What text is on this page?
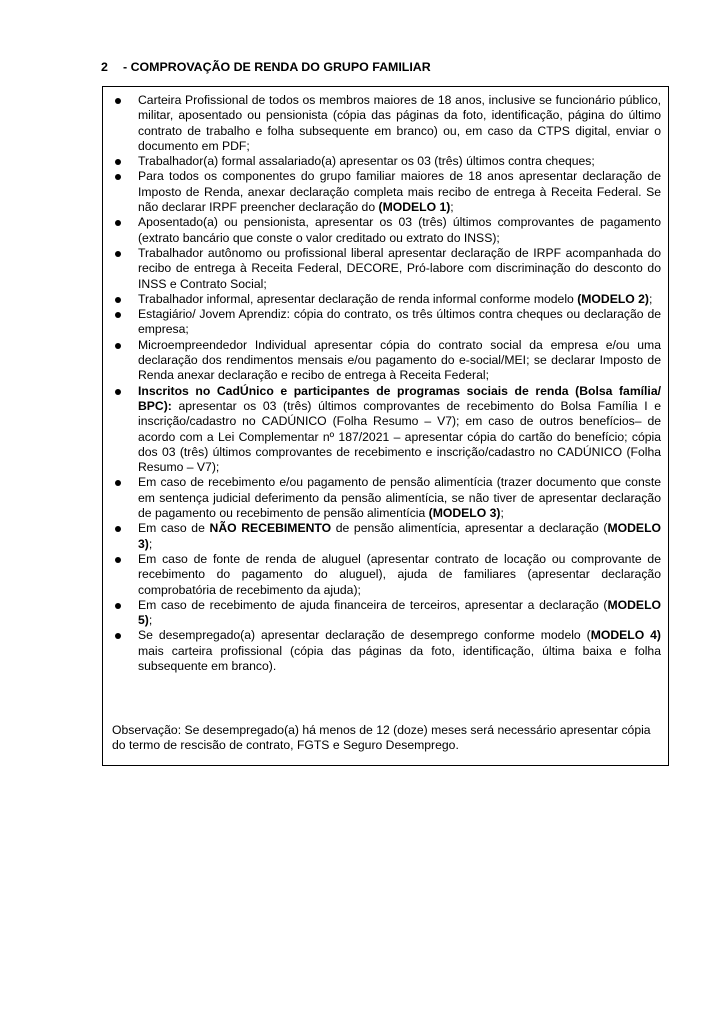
2 - COMPROVAÇÃO DE RENDA DO GRUPO FAMILIAR
Carteira Profissional de todos os membros maiores de 18 anos, inclusive se funcionário público, militar, aposentado ou pensionista (cópia das páginas da foto, identificação, página do último contrato de trabalho e folha subsequente em branco) ou, em caso da CTPS digital, enviar o documento em PDF;
Trabalhador(a) formal assalariado(a) apresentar os 03 (três) últimos contra cheques;
Para todos os componentes do grupo familiar maiores de 18 anos apresentar declaração de Imposto de Renda, anexar declaração completa mais recibo de entrega à Receita Federal. Se não declarar IRPF preencher declaração do (MODELO 1);
Aposentado(a) ou pensionista, apresentar os 03 (três) últimos comprovantes de pagamento (extrato bancário que conste o valor creditado ou extrato do INSS);
Trabalhador autônomo ou profissional liberal apresentar declaração de IRPF acompanhada do recibo de entrega à Receita Federal, DECORE, Pró-labore com discriminação do desconto do INSS e Contrato Social;
Trabalhador informal, apresentar declaração de renda informal conforme modelo (MODELO 2);
Estagiário/ Jovem Aprendiz: cópia do contrato, os três últimos contra cheques ou declaração de empresa;
Microempreendedor Individual apresentar cópia do contrato social da empresa e/ou uma declaração dos rendimentos mensais e/ou pagamento do e-social/MEI; se declarar Imposto de Renda anexar declaração e recibo de entrega à Receita Federal;
Inscritos no CadÚnico e participantes de programas sociais de renda (Bolsa família/ BPC): apresentar os 03 (três) últimos comprovantes de recebimento do Bolsa Família I e inscrição/cadastro no CADÚNICO (Folha Resumo – V7); em caso de outros benefícios– de acordo com a Lei Complementar nº 187/2021 – apresentar cópia do cartão do benefício; cópia dos 03 (três) últimos comprovantes de recebimento e inscrição/cadastro no CADÚNICO (Folha Resumo – V7);
Em caso de recebimento e/ou pagamento de pensão alimentícia (trazer documento que conste em sentença judicial deferimento da pensão alimentícia, se não tiver de apresentar declaração de pagamento ou recebimento de pensão alimentícia (MODELO 3);
Em caso de NÃO RECEBIMENTO de pensão alimentícia, apresentar a declaração (MODELO 3);
Em caso de fonte de renda de aluguel (apresentar contrato de locação ou comprovante de recebimento do pagamento do aluguel), ajuda de familiares (apresentar declaração comprobatória de recebimento da ajuda);
Em caso de recebimento de ajuda financeira de terceiros, apresentar a declaração (MODELO 5);
Se desempregado(a) apresentar declaração de desemprego conforme modelo (MODELO 4) mais carteira profissional (cópia das páginas da foto, identificação, última baixa e folha subsequente em branco).
Observação: Se desempregado(a) há menos de 12 (doze) meses será necessário apresentar cópia do termo de rescisão de contrato, FGTS e Seguro Desemprego.
